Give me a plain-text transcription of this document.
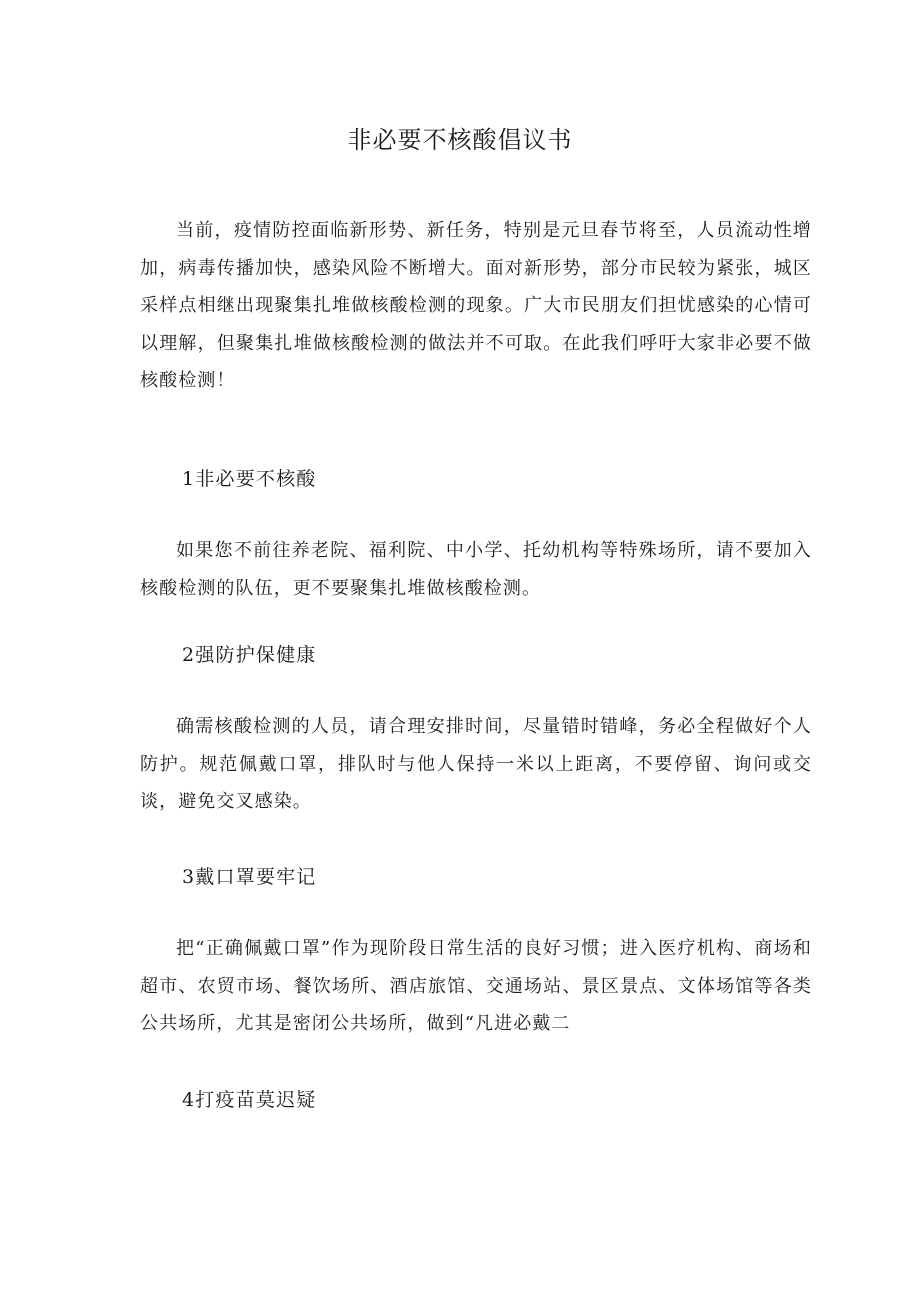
非必要不核酸倡议书

当前，疫情防控面临新形势、新任务，特别是元旦春节将至，人员流动性增加，病毒传播加快，感染风险不断增大。面对新形势，部分市民较为紧张，城区采样点相继出现聚集扎堆做核酸检测的现象。广大市民朋友们担忧感染的心情可以理解，但聚集扎堆做核酸检测的做法并不可取。在此我们呼吁大家非必要不做核酸检测！

1非必要不核酸

如果您不前往养老院、福利院、中小学、托幼机构等特殊场所，请不要加入核酸检测的队伍，更不要聚集扎堆做核酸检测。

2强防护保健康

确需核酸检测的人员，请合理安排时间，尽量错时错峰，务必全程做好个人防护。规范佩戴口罩，排队时与他人保持一米以上距离，不要停留、询问或交谈，避免交叉感染。

3戴口罩要牢记

把“正确佩戴口罩”作为现阶段日常生活的良好习惯；进入医疗机构、商场和超市、农贸市场、餐饮场所、酒店旅馆、交通场站、景区景点、文体场馆等各类公共场所，尤其是密闭公共场所，做到“凡进必戴二

4打疫苗莫迟疑
